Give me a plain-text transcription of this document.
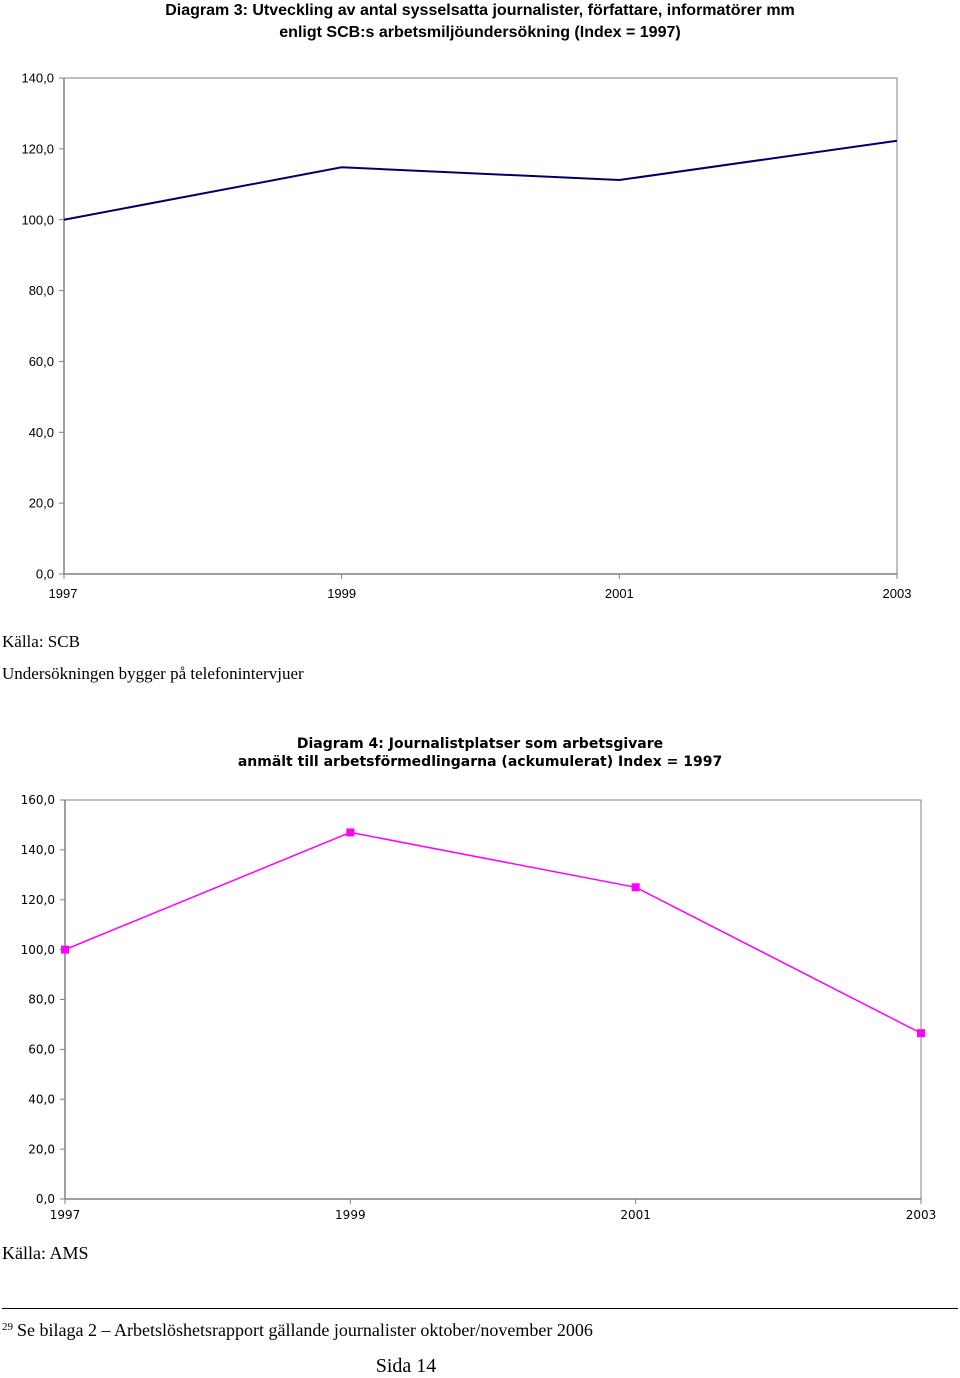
Diagram 3: Utveckling av antal sysselsatta journalister, författare, informatörer mm
enligt SCB:s arbetsmiljöundersökning (Index = 1997)
0,0
20,0
40,0
60,0
80,0
100,0
120,0
140,0
1997	1999	2001	2003
Källa: SCB
Undersökningen bygger på telefonintervjuer
Diagram 4: Journalistplatser som arbetsgivare
anmält till arbetsförmedlingarna (ackumulerat) Index = 1997
0,0
20,0
40,0
60,0
80,0
100,0
120,0
140,0
160,0
1997	1999	2001	2003
Källa: AMS
$^{29}$ Se bilaga 2 – Arbetslöshetsrapport gällande journalister oktober/november 2006
Sida 14
